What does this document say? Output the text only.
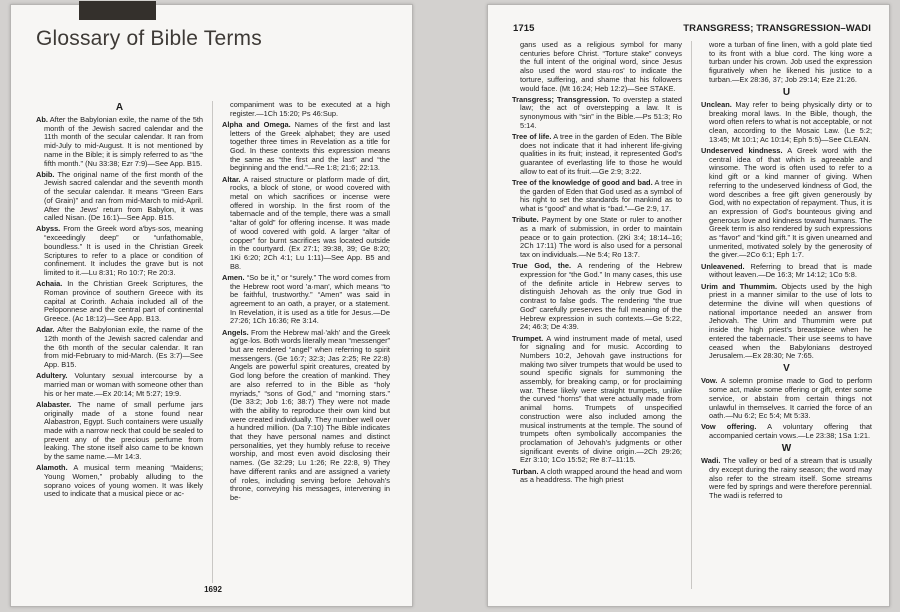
Glossary of Bible Terms
A

Ab. After the Babylonian exile, the name of the 5th month of the Jewish sacred calendar and the 11th month of the secular calendar. It ran from mid-July to mid-August. It is not mentioned by name in the Bible; it is simply referred to as “the fifth month.” (Nu 33:38; Ezr 7:9)—See App. B15.

Abib. The original name of the first month of the Jewish sacred calendar and the seventh month of the secular calendar. It means “Green Ears (of Grain)” and ran from mid-March to mid-April. After the Jews’ return from Babylon, it was called Nisan. (De 16:1)—See App. B15.

Abyss. From the Greek word a'bys·sos, meaning “exceedingly deep” or “unfathomable, boundless.” It is used in the Christian Greek Scriptures to refer to a place or condition of confinement. It includes the grave but is not limited to it.—Lu 8:31; Ro 10:7; Re 20:3.

Achaia. In the Christian Greek Scriptures, the Roman province of southern Greece with its capital at Corinth. Achaia included all of the Peloponnese and the central part of continental Greece. (Ac 18:12)—See App. B13.

Adar. After the Babylonian exile, the name of the 12th month of the Jewish sacred calendar and the 6th month of the secular calendar. It ran from mid-February to mid-March. (Es 3:7)—See App. B15.

Adultery. Voluntary sexual intercourse by a married man or woman with someone other than his or her mate.—Ex 20:14; Mt 5:27; 19:9.

Alabaster. The name of small perfume jars originally made of a stone found near Alabastron, Egypt. Such containers were usually made with a narrow neck that could be sealed to prevent any of the precious perfume from leaking. The stone itself also came to be known by the same name.—Mr 14:3.

Alamoth. A musical term meaning “Maidens; Young Women,” probably alluding to the soprano voices of young women. It was likely used to indicate that a musical piece or ac-

companiment was to be executed at a high register.—1Ch 15:20; Ps 46:Sup.

Alpha and Omega. Names of the first and last letters of the Greek alphabet; they are used together three times in Revelation as a title for God. In these contexts this expression means the same as “the first and the last” and “the beginning and the end.”—Re 1:8; 21:6; 22:13.

Altar. A raised structure or platform made of dirt, rocks, a block of stone, or wood covered with metal on which sacrifices or incense were offered in worship. In the first room of the tabernacle and of the temple, there was a small “altar of gold” for offering incense. It was made of wood covered with gold. A larger “altar of copper” for burnt sacrifices was located outside in the courtyard. (Ex 27:1; 39:38, 39; Ge 8:20; 1Ki 6:20; 2Ch 4:1; Lu 1:11)—See App. B5 and B8.

Amen. “So be it,” or “surely.” The word comes from the Hebrew root word 'a·man', which means “to be faithful, trustworthy.” “Amen” was said in agreement to an oath, a prayer, or a statement. In Revelation, it is used as a title for Jesus.—De 27:26; 1Ch 16:36; Re 3:14.

Angels. From the Hebrew mal·'akh' and the Greek ag'ge·los. Both words literally mean “messenger” but are rendered “angel” when referring to spirit messengers. (Ge 16:7; 32:3; Jas 2:25; Re 22:8) Angels are powerful spirit creatures, created by God long before the creation of mankind. They are also referred to in the Bible as “holy myriads,” “sons of God,” and “morning stars.” (De 33:2; Job 1:6; 38:7) They were not made with the ability to reproduce their own kind but were created individually. They number well over a hundred million. (Da 7:10) The Bible indicates that they have personal names and distinct personalities, yet they humbly refuse to receive worship, and most even avoid disclosing their names. (Ge 32:29; Lu 1:26; Re 22:8, 9) They have different ranks and are assigned a variety of roles, including serving before Jehovah’s throne, conveying his messages, intervening in be-

1692
1715	TRANSGRESS; TRANSGRESSION–WADI

gans used as a religious symbol for many centuries before Christ. “Torture stake” conveys the full intent of the original word, since Jesus also used the word stau·ros' to indicate the torture, suffering, and shame that his followers would face. (Mt 16:24; Heb 12:2)—See STAKE.

Transgress; Transgression. To overstep a stated law; the act of overstepping a law. It is synonymous with “sin” in the Bible.—Ps 51:3; Ro 5:14.

Tree of life. A tree in the garden of Eden. The Bible does not indicate that it had inherent life-giving qualities in its fruit; instead, it represented God’s guarantee of everlasting life to those he would allow to eat of its fruit.—Ge 2:9; 3:22.

Tree of the knowledge of good and bad. A tree in the garden of Eden that God used as a symbol of his right to set the standards for mankind as to what is “good” and what is “bad.”—Ge 2:9, 17.

Tribute. Payment by one State or ruler to another as a mark of submission, in order to maintain peace or to gain protection. (2Ki 3:4; 18:14–16; 2Ch 17:11) The word is also used for a personal tax on individuals.—Ne 5:4; Ro 13:7.

True God, the. A rendering of the Hebrew expression for “the God.” In many cases, this use of the definite article in Hebrew serves to distinguish Jehovah as the only true God in contrast to false gods. The rendering “the true God” carefully preserves the full meaning of the Hebrew expression in such contexts.—Ge 5:22, 24; 46:3; De 4:39.

Trumpet. A wind instrument made of metal, used for signaling and for music. According to Numbers 10:2, Jehovah gave instructions for making two silver trumpets that would be used to sound specific signals for summoning the assembly, for breaking camp, or for proclaiming war. These likely were straight trumpets, unlike the curved “horns” that were actually made from animal horns. Trumpets of unspecified construction were also included among the musical instruments at the temple. The sound of trumpets often symbolically accompanies the proclamation of Jehovah’s judgments or other significant events of divine origin.—2Ch 29:26; Ezr 3:10; 1Co 15:52; Re 8:7–11:15.

Turban. A cloth wrapped around the head and worn as a headdress. The high priest

wore a turban of fine linen, with a gold plate tied to its front with a blue cord. The king wore a turban under his crown. Job used the expression figuratively when he likened his justice to a turban.—Ex 28:36, 37; Job 29:14; Eze 21:26.

U

Unclean. May refer to being physically dirty or to breaking moral laws. In the Bible, though, the word often refers to what is not acceptable, or not clean, according to the Mosaic Law. (Le 5:2; 13:45; Mt 10:1; Ac 10:14; Eph 5:5)—See CLEAN.

Undeserved kindness. A Greek word with the central idea of that which is agreeable and winsome. The word is often used to refer to a kind gift or a kind manner of giving. When referring to the undeserved kindness of God, the word describes a free gift given generously by God, with no expectation of repayment. Thus, it is an expression of God’s bounteous giving and generous love and kindness toward humans. The Greek term is also rendered by such expressions as “favor” and “kind gift.” It is given unearned and unmerited, motivated solely by the generosity of the giver.—2Co 6:1; Eph 1:7.

Unleavened. Referring to bread that is made without leaven.—De 16:3; Mr 14:12; 1Co 5:8.

Urim and Thummim. Objects used by the high priest in a manner similar to the use of lots to determine the divine will when questions of national importance needed an answer from Jehovah. The Urim and Thummim were put inside the high priest’s breastpiece when he entered the tabernacle. Their use seems to have ceased when the Babylonians destroyed Jerusalem.—Ex 28:30; Ne 7:65.

V

Vow. A solemn promise made to God to perform some act, make some offering or gift, enter some service, or abstain from certain things not unlawful in themselves. It carried the force of an oath.—Nu 6:2; Ec 5:4; Mt 5:33.

Vow offering. A voluntary offering that accompanied certain vows.—Le 23:38; 1Sa 1:21.

W

Wadi. The valley or bed of a stream that is usually dry except during the rainy season; the word may also refer to the stream itself. Some streams were fed by springs and were therefore perennial. The wadi is referred to
